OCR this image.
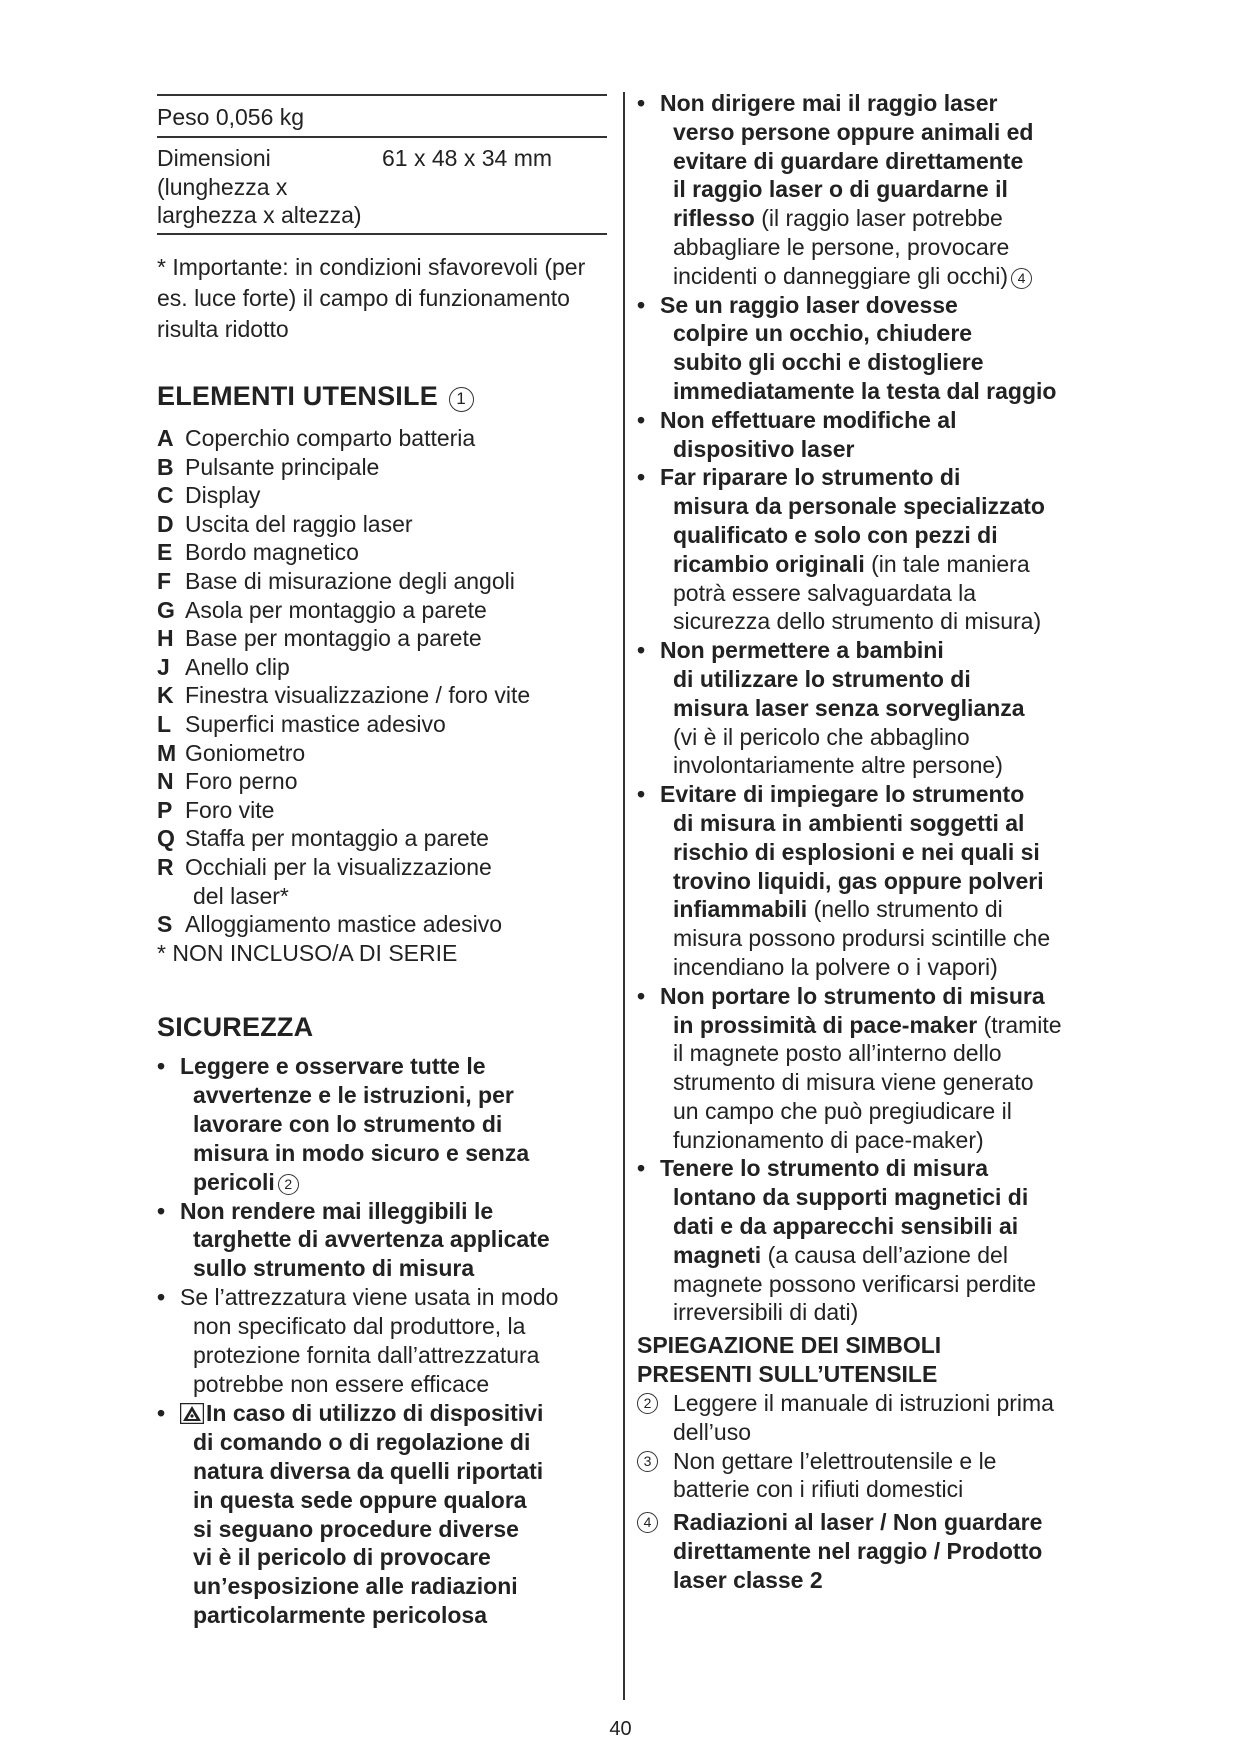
Peso 0,056 kg
Dimensioni
(lunghezza x
larghezza x altezza)
61 x 48 x 34 mm
* Importante: in condizioni sfavorevoli (per
es. luce forte) il campo di funzionamento
risulta ridotto
ELEMENTI UTENSILE 1
A Coperchio comparto batteria
B Pulsante principale
C Display
D Uscita del raggio laser
E Bordo magnetico
F Base di misurazione degli angoli
G Asola per montaggio a parete
H Base per montaggio a parete
J Anello clip
K Finestra visualizzazione / foro vite
L Superfici mastice adesivo
M Goniometro
N Foro perno
P Foro vite
Q Staffa per montaggio a parete
R Occhiali per la visualizzazione
del laser*
S Alloggiamento mastice adesivo
* NON INCLUSO/A DI SERIE
SICUREZZA
• Leggere e osservare tutte le
avvertenze e le istruzioni, per
lavorare con lo strumento di
misura in modo sicuro e senza
pericoli 2
• Non rendere mai illeggibili le
targhette di avvertenza applicate
sullo strumento di misura
• Se l’attrezzatura viene usata in modo
non specificato dal produttore, la
protezione fornita dall’attrezzatura
potrebbe non essere efficace
• In caso di utilizzo di dispositivi
di comando o di regolazione di
natura diversa da quelli riportati
in questa sede oppure qualora
si seguano procedure diverse
vi è il pericolo di provocare
un’esposizione alle radiazioni
particolarmente pericolosa
• Non dirigere mai il raggio laser
verso persone oppure animali ed
evitare di guardare direttamente
il raggio laser o di guardarne il
riflesso (il raggio laser potrebbe
abbagliare le persone, provocare
incidenti o danneggiare gli occhi) 4
• Se un raggio laser dovesse
colpire un occhio, chiudere
subito gli occhi e distogliere
immediatamente la testa dal raggio
• Non effettuare modifiche al
dispositivo laser
• Far riparare lo strumento di
misura da personale specializzato
qualificato e solo con pezzi di
ricambio originali (in tale maniera
potrà essere salvaguardata la
sicurezza dello strumento di misura)
• Non permettere a bambini
di utilizzare lo strumento di
misura laser senza sorveglianza
(vi è il pericolo che abbaglino
involontariamente altre persone)
• Evitare di impiegare lo strumento
di misura in ambienti soggetti al
rischio di esplosioni e nei quali si
trovino liquidi, gas oppure polveri
infiammabili (nello strumento di
misura possono prodursi scintille che
incendiano la polvere o i vapori)
• Non portare lo strumento di misura
in prossimità di pace-maker (tramite
il magnete posto all’interno dello
strumento di misura viene generato
un campo che può pregiudicare il
funzionamento di pace-maker)
• Tenere lo strumento di misura
lontano da supporti magnetici di
dati e da apparecchi sensibili ai
magneti (a causa dell’azione del
magnete possono verificarsi perdite
irreversibili di dati)
SPIEGAZIONE DEI SIMBOLI
PRESENTI SULL’UTENSILE
2 Leggere il manuale di istruzioni prima
dell’uso
3 Non gettare l’elettroutensile e le
batterie con i rifiuti domestici
4 Radiazioni al laser / Non guardare
direttamente nel raggio / Prodotto
laser classe 2
40
